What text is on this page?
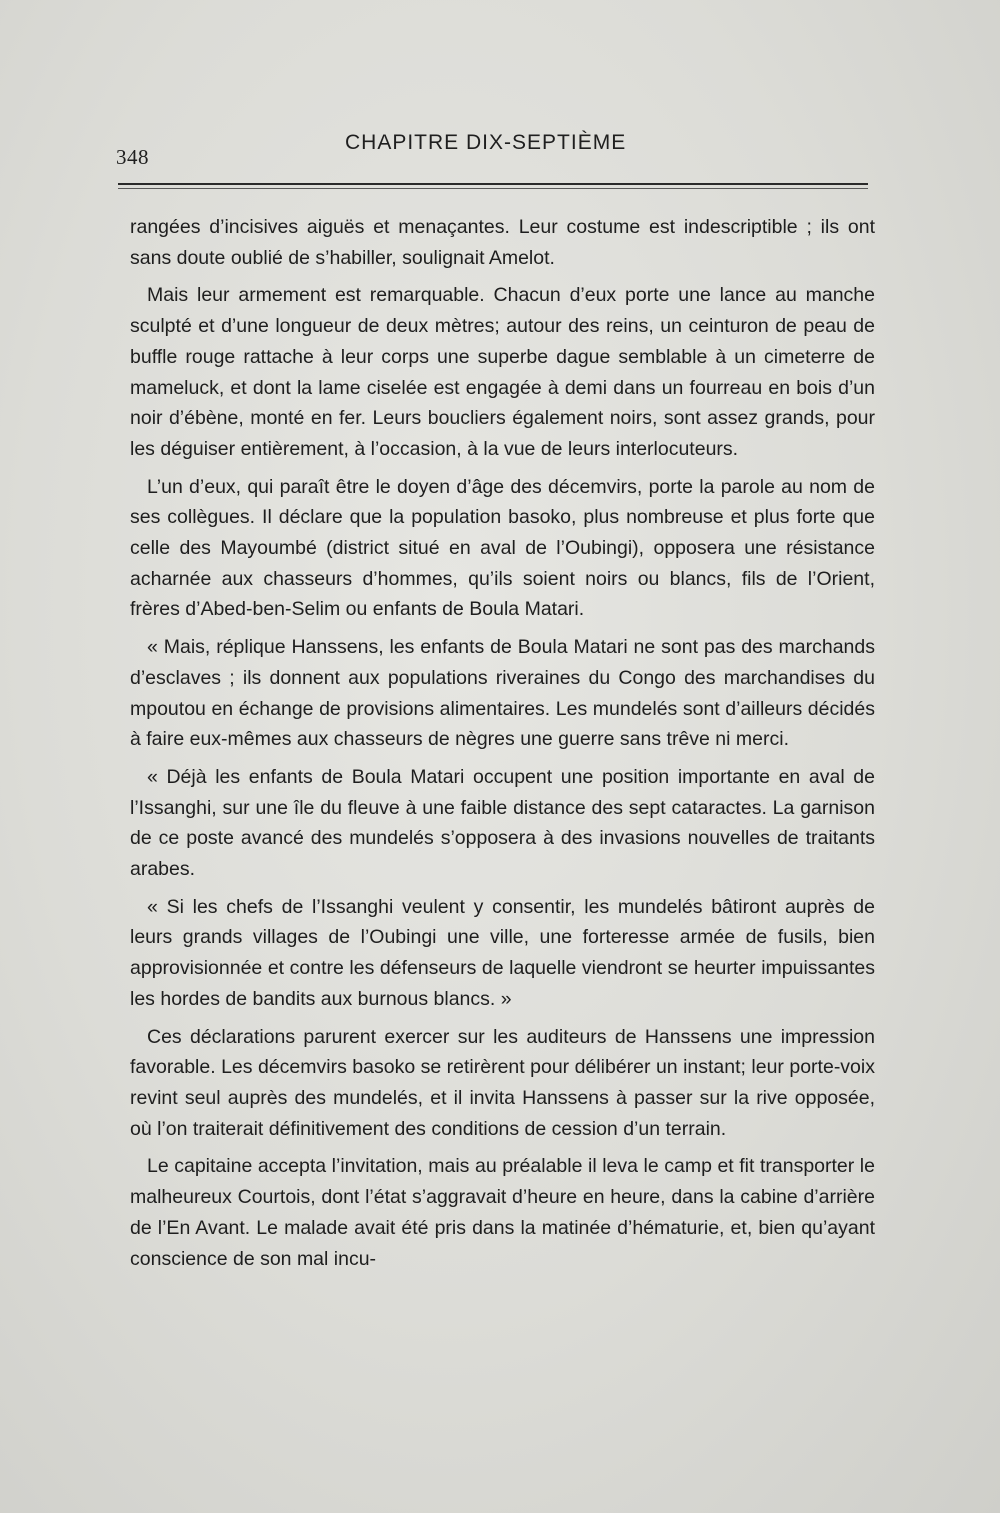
348
CHAPITRE DIX-SEPTIÈME

rangées d’incisives aiguës et menaçantes. Leur costume est indescriptible ; ils ont sans doute oublié de s’habiller, soulignait Amelot.

Mais leur armement est remarquable. Chacun d’eux porte une lance au manche sculpté et d’une longueur de deux mètres; autour des reins, un ceinturon de peau de buffle rouge rattache à leur corps une superbe dague semblable à un cimeterre de mameluck, et dont la lame ciselée est engagée à demi dans un fourreau en bois d’un noir d’ébène, monté en fer. Leurs boucliers également noirs, sont assez grands, pour les déguiser entièrement, à l’occasion, à la vue de leurs interlocuteurs.

L’un d’eux, qui paraît être le doyen d’âge des décemvirs, porte la parole au nom de ses collègues. Il déclare que la population basoko, plus nombreuse et plus forte que celle des Mayoumbé (district situé en aval de l’Oubingi), opposera une résistance acharnée aux chasseurs d’hommes, qu’ils soient noirs ou blancs, fils de l’Orient, frères d’Abed-ben-Selim ou enfants de Boula Matari.

« Mais, réplique Hanssens, les enfants de Boula Matari ne sont pas des marchands d’esclaves ; ils donnent aux populations riveraines du Congo des marchandises du mpoutou en échange de provisions alimentaires. Les mundelés sont d’ailleurs décidés à faire eux-mêmes aux chasseurs de nègres une guerre sans trêve ni merci.

« Déjà les enfants de Boula Matari occupent une position importante en aval de l’Issanghi, sur une île du fleuve à une faible distance des sept cataractes. La garnison de ce poste avancé des mundelés s’opposera à des invasions nouvelles de traitants arabes.

« Si les chefs de l’Issanghi veulent y consentir, les mundelés bâtiront auprès de leurs grands villages de l’Oubingi une ville, une forteresse armée de fusils, bien approvisionnée et contre les défenseurs de laquelle viendront se heurter impuissantes les hordes de bandits aux burnous blancs. »

Ces déclarations parurent exercer sur les auditeurs de Hanssens une impression favorable. Les décemvirs basoko se retirèrent pour délibérer un instant; leur porte-voix revint seul auprès des mundelés, et il invita Hanssens à passer sur la rive opposée, où l’on traiterait définitivement des conditions de cession d’un terrain.

Le capitaine accepta l’invitation, mais au préalable il leva le camp et fit transporter le malheureux Courtois, dont l’état s’aggravait d’heure en heure, dans la cabine d’arrière de l’En Avant. Le malade avait été pris dans la matinée d’hématurie, et, bien qu’ayant conscience de son mal incu-
